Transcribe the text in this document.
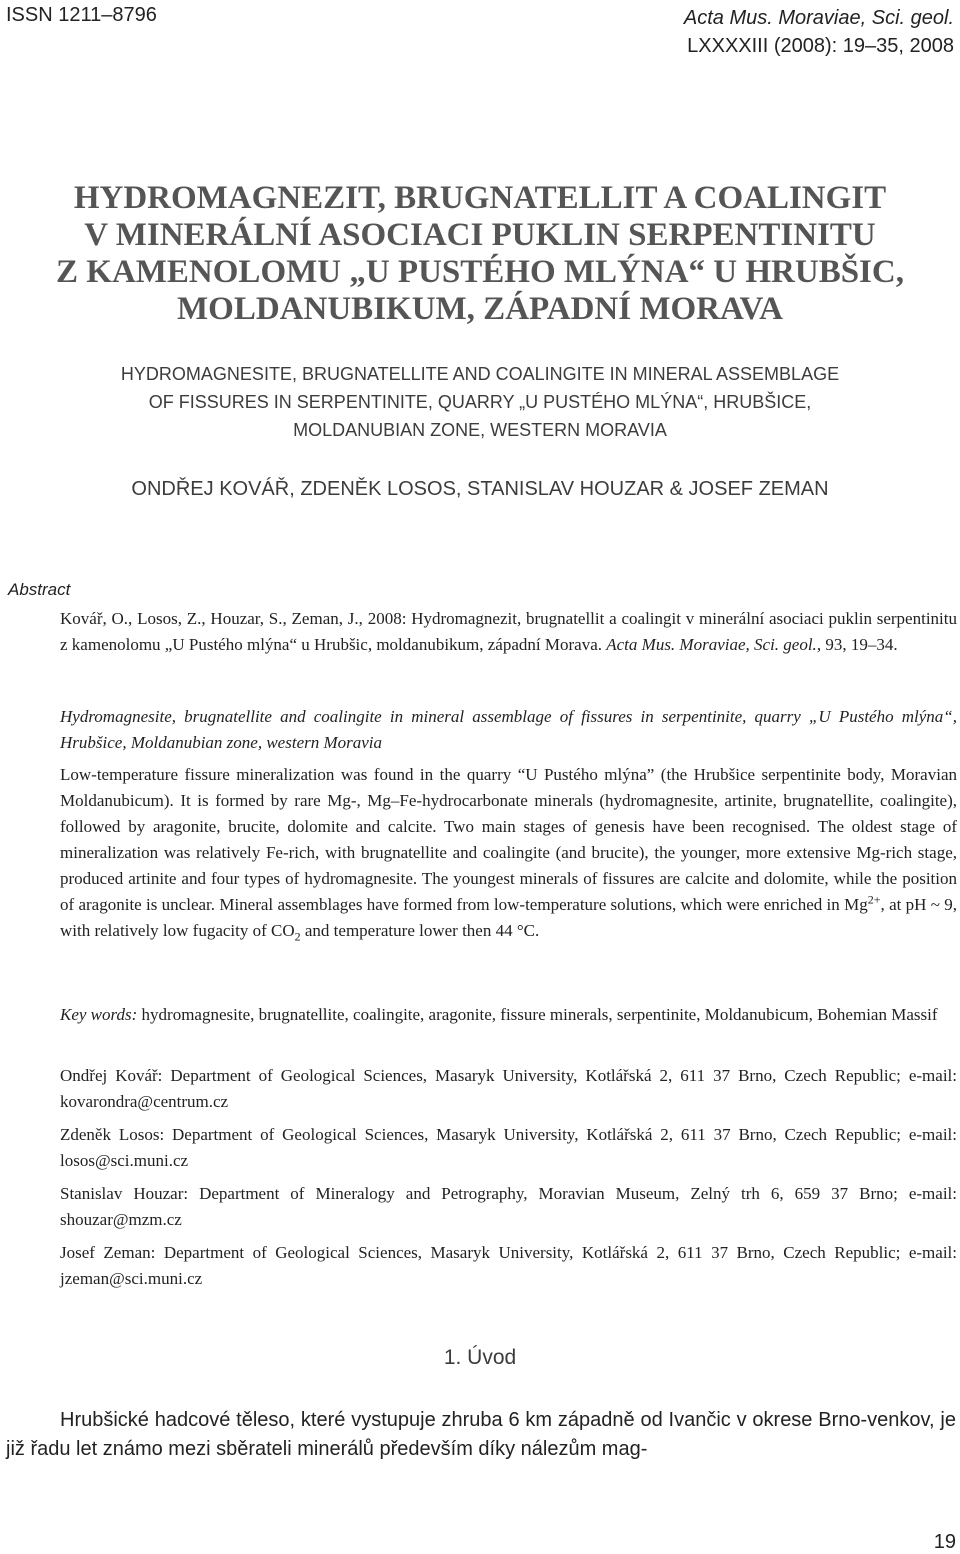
ISSN 1211–8796	Acta Mus. Moraviae, Sci. geol.
LXXXXIII (2008): 19–35, 2008
HYDROMAGNEZIT, BRUGNATELLIT A COALINGIT
V MINERÁLNÍ ASOCIACI PUKLIN SERPENTINITU
Z KAMENOLOMU „U PUSTÉHO MLÝNA“ U HRUBŠIC,
MOLDANUBIKUM, ZÁPADNÍ MORAVA
HYDROMAGNESITE, BRUGNATELLITE AND COALINGITE IN MINERAL ASSEMBLAGE
OF FISSURES IN SERPENTINITE, QUARRY „U PUSTÉHO MLÝNA“, HRUBŠICE,
MOLDANUBIAN ZONE, WESTERN MORAVIA
ONDŘEJ KOVÁŘ, ZDENĚK LOSOS, STANISLAV HOUZAR & JOSEF ZEMAN
Abstract
Kovář, O., Losos, Z., Houzar, S., Zeman, J., 2008: Hydromagnezit, brugnatellit a coalingit v minerální asociaci puklin serpentinitu z kamenolomu „U Pustého mlýna“ u Hrubšic, moldanubikum, západní Morava. Acta Mus. Moraviae, Sci. geol., 93, 19–34.
Hydromagnesite, brugnatellite and coalingite in mineral assemblage of fissures in serpentinite, quarry „U Pustého mlýna“, Hrubšice, Moldanubian zone, western Moravia
Low-temperature fissure mineralization was found in the quarry “U Pustého mlýna” (the Hrubšice serpentinite body, Moravian Moldanubicum). It is formed by rare Mg-, Mg–Fe-hydrocarbonate minerals (hydromagnesite, artinite, brugnatellite, coalingite), followed by aragonite, brucite, dolomite and calcite. Two main stages of genesis have been recognised. The oldest stage of mineralization was relatively Fe-rich, with brugnatellite and coalingite (and brucite), the younger, more extensive Mg-rich stage, produced artinite and four types of hydromagnesite. The youngest minerals of fissures are calcite and dolomite, while the position of aragonite is unclear. Mineral assemblages have formed from low-temperature solutions, which were enriched in $Mg^{2+}$, at pH ~ 9, with relatively low fugacity of $CO_2$ and temperature lower then 44 °C.
Key words: hydromagnesite, brugnatellite, coalingite, aragonite, fissure minerals, serpentinite, Moldanubicum, Bohemian Massif
Ondřej Kovář: Department of Geological Sciences, Masaryk University, Kotlářská 2, 611 37 Brno, Czech Republic; e-mail: kovarondra@centrum.cz
Zdeněk Losos: Department of Geological Sciences, Masaryk University, Kotlářská 2, 611 37 Brno, Czech Republic; e-mail: losos@sci.muni.cz
Stanislav Houzar: Department of Mineralogy and Petrography, Moravian Museum, Zelný trh 6, 659 37 Brno; e-mail: shouzar@mzm.cz
Josef Zeman: Department of Geological Sciences, Masaryk University, Kotlářská 2, 611 37 Brno, Czech Republic; e-mail: jzeman@sci.muni.cz
1. Úvod
Hrubšické hadcové těleso, které vystupuje zhruba 6 km západně od Ivančic v okrese Brno-venkov, je již řadu let známo mezi sběrateli minerálů především díky nálezům mag-
19
